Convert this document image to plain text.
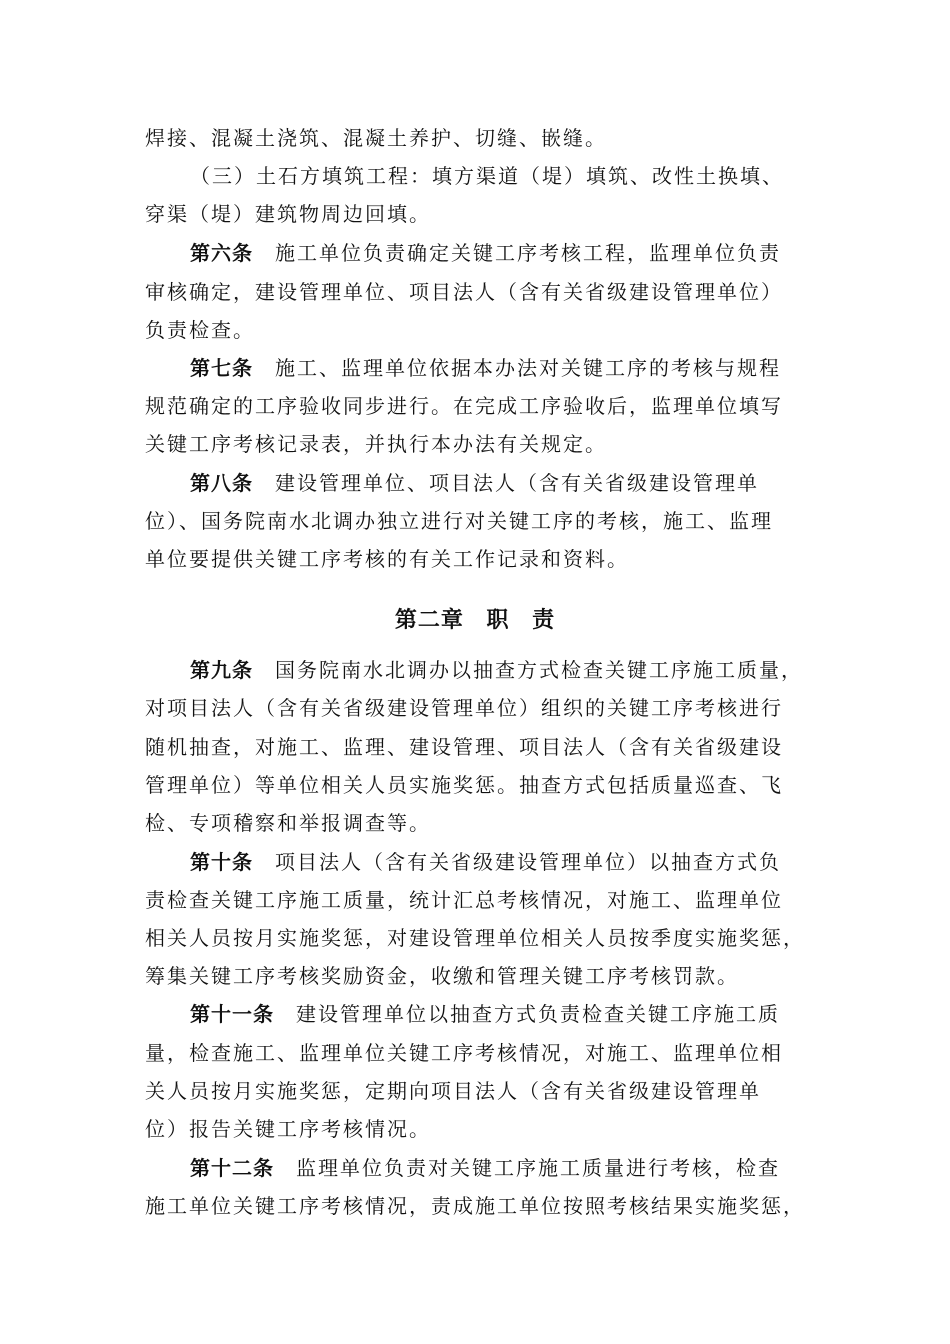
焊接、混凝土浇筑、混凝土养护、切缝、嵌缝。
（三）土石方填筑工程：填方渠道（堤）填筑、改性土换填、
穿渠（堤）建筑物周边回填。
第六条 施工单位负责确定关键工序考核工程，监理单位负责
审核确定，建设管理单位、项目法人（含有关省级建设管理单位）
负责检查。
第七条 施工、监理单位依据本办法对关键工序的考核与规程
规范确定的工序验收同步进行。在完成工序验收后，监理单位填写
关键工序考核记录表，并执行本办法有关规定。
第八条 建设管理单位、项目法人（含有关省级建设管理单
位）、国务院南水北调办独立进行对关键工序的考核，施工、监理
单位要提供关键工序考核的有关工作记录和资料。
第二章 职 责
第九条 国务院南水北调办以抽查方式检查关键工序施工质量，
对项目法人（含有关省级建设管理单位）组织的关键工序考核进行
随机抽查，对施工、监理、建设管理、项目法人（含有关省级建设
管理单位）等单位相关人员实施奖惩。抽查方式包括质量巡查、飞
检、专项稽察和举报调查等。
第十条 项目法人（含有关省级建设管理单位）以抽查方式负
责检查关键工序施工质量，统计汇总考核情况，对施工、监理单位
相关人员按月实施奖惩，对建设管理单位相关人员按季度实施奖惩，
筹集关键工序考核奖励资金，收缴和管理关键工序考核罚款。
第十一条 建设管理单位以抽查方式负责检查关键工序施工质
量，检查施工、监理单位关键工序考核情况，对施工、监理单位相
关人员按月实施奖惩，定期向项目法人（含有关省级建设管理单
位）报告关键工序考核情况。
第十二条 监理单位负责对关键工序施工质量进行考核，检查
施工单位关键工序考核情况，责成施工单位按照考核结果实施奖惩，
